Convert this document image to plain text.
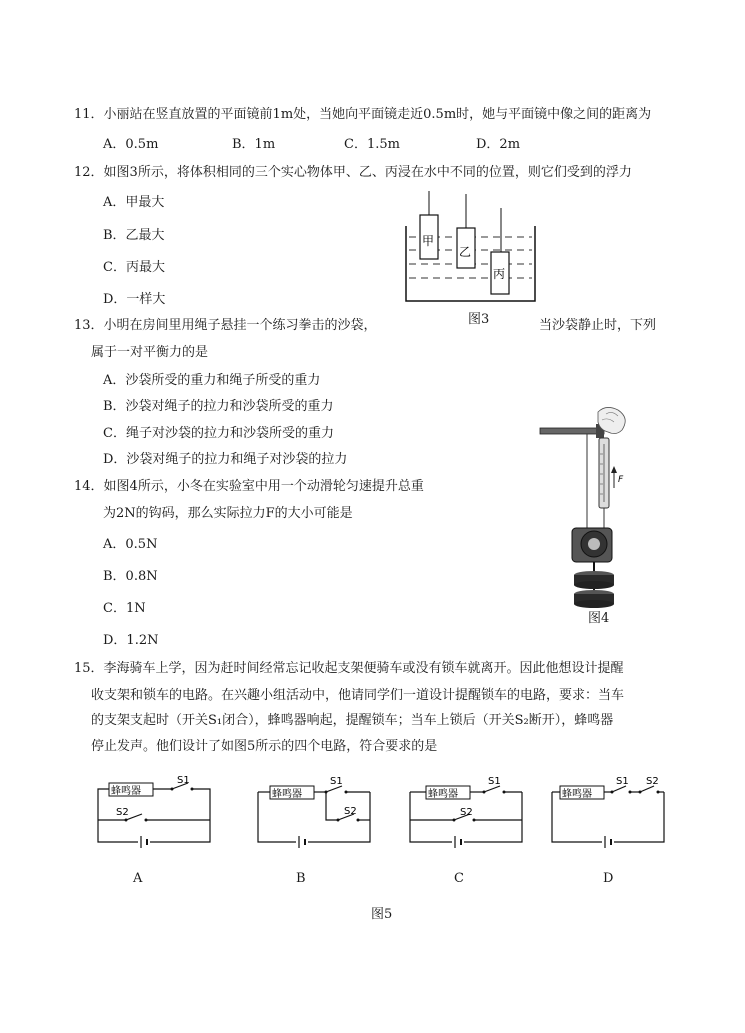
11．小丽站在竖直放置的平面镜前1m处，当她向平面镜走近0.5m时，她与平面镜中像之间的距离为
A．0.5m	B．1m	C．1.5m	D．2m
12．如图3所示，将体积相同的三个实心物体甲、乙、丙浸在水中不同的位置，则它们受到的浮力
A．甲最大
B．乙最大
C．丙最大
D．一样大
甲
乙
丙
图3
13．小明在房间里用绳子悬挂一个练习拳击的沙袋，	当沙袋静止时，下列
属于一对平衡力的是
A．沙袋所受的重力和绳子所受的重力
B．沙袋对绳子的拉力和沙袋所受的重力
C．绳子对沙袋的拉力和沙袋所受的重力
D．沙袋对绳子的拉力和绳子对沙袋的拉力
14．如图4所示，小冬在实验室中用一个动滑轮匀速提升总重
为2N的钩码，那么实际拉力F的大小可能是
A．0.5N
B．0.8N
C．1N
D．1.2N
F
图4
15．李海骑车上学，因为赶时间经常忘记收起支架便骑车或没有锁车就离开。因此他想设计提醒
收支架和锁车的电路。在兴趣小组活动中，他请同学们一道设计提醒锁车的电路，要求：当车
的支架支起时（开关S₁闭合），蜂鸣器响起，提醒锁车；当车上锁后（开关S₂断开），蜂鸣器
停止发声。他们设计了如图5所示的四个电路，符合要求的是
蜂鸣器
S1
S2
蜂鸣器
S1
S2
蜂鸣器
S1
S2
蜂鸣器
S1 S2
A	B	C	D
图5
